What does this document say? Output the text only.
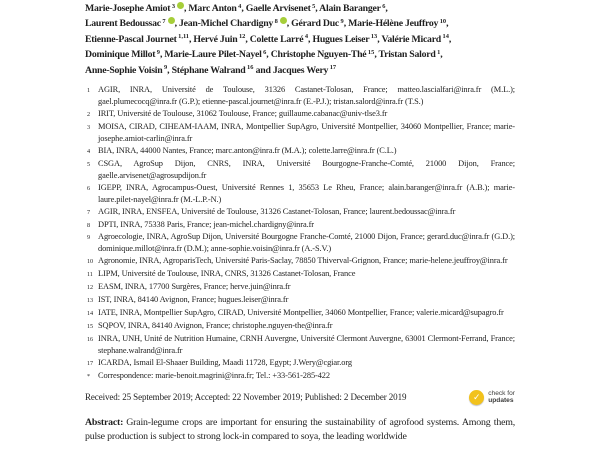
Marie-Josephe Amiot $^3$ , Marc Anton $^4$, Gaelle Arvisenet $^5$, Alain Baranger $^6$,
Laurent Bedoussac $^7$ , Jean-Michel Chardigny $^8$ , Gérard Duc $^9$, Marie-Hélène Jeuffroy $^{10}$,
Etienne-Pascal Journet $^{1,11}$, Hervé Juin $^{12}$, Colette Larré $^4$, Hugues Leiser $^{13}$, Valérie Micard $^{14}$,
Dominique Millot $^9$, Marie-Laure Pilet-Nayel $^6$, Christophe Nguyen-Thé $^{15}$, Tristan Salord $^1$,
Anne-Sophie Voisin $^9$, Stéphane Walrand $^{16}$ and Jacques Wery $^{17}$
1 AGIR, INRA, Université de Toulouse, 31326 Castanet-Tolosan, France; matteo.lascialfari@inra.fr (M.L.); gael.plumecocq@inra.fr (G.P.); etienne-pascal.journet@inra.fr (E.-P.J.); tristan.salord@inra.fr (T.S.)
2 IRIT, Université de Toulouse, 31062 Toulouse, France; guillaume.cabanac@univ-tlse3.fr
3 MOISA, CIRAD, CIHEAM-IAAM, INRA, Montpellier SupAgro, Université Montpellier, 34060 Montpellier, France; marie-josephe.amiot-carlin@inra.fr
4 BIA, INRA, 44000 Nantes, France; marc.anton@inra.fr (M.A.); colette.larre@inra.fr (C.L.)
5 CSGA, AgroSup Dijon, CNRS, INRA, Université Bourgogne-Franche-Comté, 21000 Dijon, France; gaelle.arvisenet@agrosupdijon.fr
6 IGEPP, INRA, Agrocampus-Ouest, Université Rennes 1, 35653 Le Rheu, France; alain.baranger@inra.fr (A.B.); marie-laure.pilet-nayel@inra.fr (M.-L.P.-N.)
7 AGIR, INRA, ENSFEA, Université de Toulouse, 31326 Castanet-Tolosan, France; laurent.bedoussac@inra.fr
8 DPTI, INRA, 75338 Paris, France; jean-michel.chardigny@inra.fr
9 Agroecologie, INRA, AgroSup Dijon, Université Bourgogne Franche-Comté, 21000 Dijon, France; gerard.duc@inra.fr (G.D.); dominique.millot@inra.fr (D.M.); anne-sophie.voisin@inra.fr (A.-S.V.)
10 Agronomie, INRA, AgroparisTech, Université Paris-Saclay, 78850 Thiverval-Grignon, France; marie-helene.jeuffroy@inra.fr
11 LIPM, Université de Toulouse, INRA, CNRS, 31326 Castanet-Tolosan, France
12 EASM, INRA, 17700 Surgères, France; herve.juin@inra.fr
13 IST, INRA, 84140 Avignon, France; hugues.leiser@inra.fr
14 IATE, INRA, Montpellier SupAgro, CIRAD, Université Montpellier, 34060 Montpellier, France; valerie.micard@supagro.fr
15 SQPOV, INRA, 84140 Avignon, France; christophe.nguyen-the@inra.fr
16 INRA, UNH, Unité de Nutrition Humaine, CRNH Auvergne, Université Clermont Auvergne, 63001 Clermont-Ferrand, France; stephane.walrand@inra.fr
17 ICARDA, Ismail El-Shaaer Building, Maadi 11728, Egypt; J.Wery@cgiar.org
* Correspondence: marie-benoit.magrini@inra.fr; Tel.: +33-561-285-422
Received: 25 September 2019; Accepted: 22 November 2019; Published: 2 December 2019	✓ check for
updates

Abstract: Grain-legume crops are important for ensuring the sustainability of agrofood systems. Among them, pulse production is subject to strong lock-in compared to soya, the leading worldwide
